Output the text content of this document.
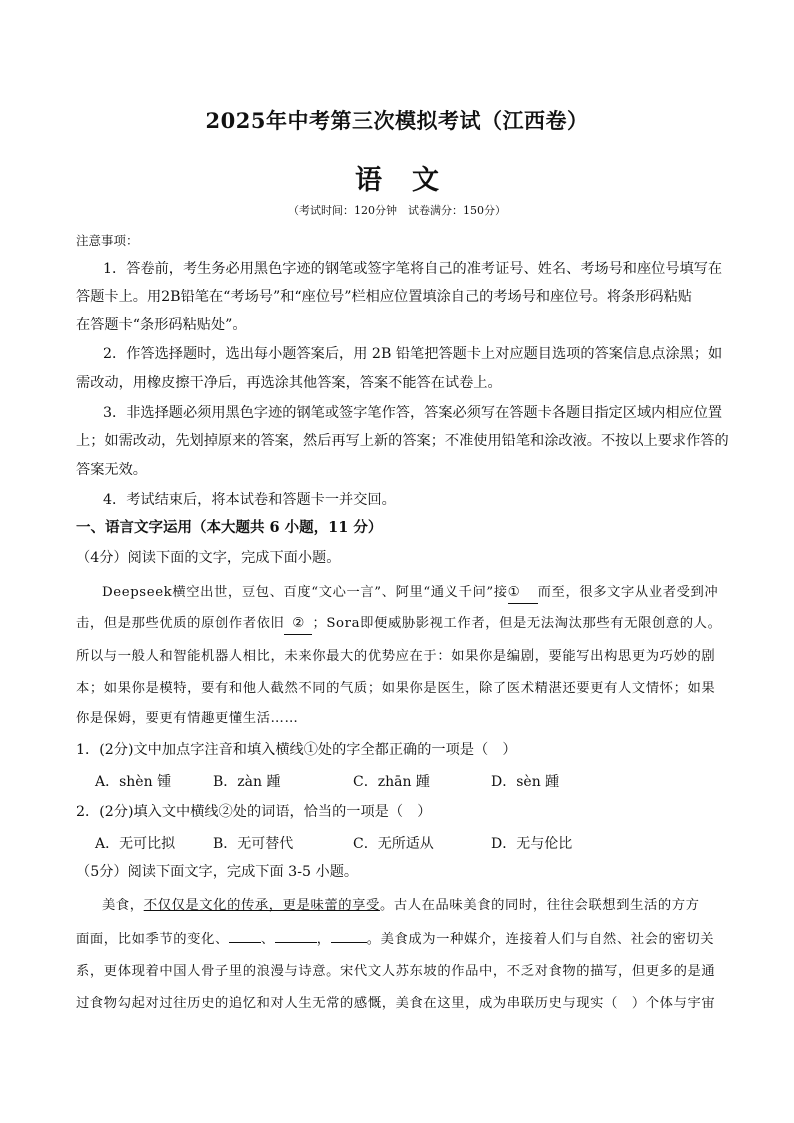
2025年中考第三次模拟考试（江西卷）
语文
（考试时间：120分钟　试卷满分：150分）
注意事项：
1．答卷前，考生务必用黑色字迹的钢笔或签字笔将自己的准考证号、姓名、考场号和座位号填写在
答题卡上。用2B铅笔在“考场号”和“座位号”栏相应位置填涂自己的考场号和座位号。将条形码粘贴
在答题卡“条形码粘贴处”。
2．作答选择题时，选出每小题答案后，用 2B 铅笔把答题卡上对应题目选项的答案信息点涂黑；如
需改动，用橡皮擦干净后，再选涂其他答案，答案不能答在试卷上。
3．非选择题必须用黑色字迹的钢笔或签字笔作答，答案必须写在答题卡各题目指定区域内相应位置
上；如需改动，先划掉原来的答案，然后再写上新的答案；不准使用铅笔和涂改液。不按以上要求作答的
答案无效。
4．考试结束后，将本试卷和答题卡一并交回。
一、语言文字运用（本大题共 6 小题，11 分）
（4分）阅读下面的文字，完成下面小题。
Deepseek横空出世，豆包、百度“文心一言”、阿里“通义千问”接① 而至，很多文字从业者受到冲
击，但是那些优质的原创作者依旧 ② ；Sora即便威胁影视工作者，但是无法淘汰那些有无限创意的人。
所以与一般人和智能机器人相比，未来你最大的优势应在于：如果你是编剧，要能写出构思更为巧妙的剧
本；如果你是模特，要有和他人截然不同的气质；如果你是医生，除了医术精湛还要更有人文情怀；如果
你是保姆，要更有情趣更懂生活……
1．(2分)文中加点字注音和填入横线①处的字全都正确的一项是（　）
A．shèn 锺	B．zàn 踵	C．zhān 踵	D．sèn 踵
2．(2分)填入文中横线②处的词语，恰当的一项是（　）
A．无可比拟	B．无可替代	C．无所适从	D．无与伦比
（5分）阅读下面文字，完成下面 3-5 小题。
美食，不仅仅是文化的传承，更是味蕾的享受。古人在品味美食的同时，往往会联想到生活的方方
面面，比如季节的变化、 、	，	。美食成为一种媒介，连接着人们与自然、社会的密切关
系，更体现着中国人骨子里的浪漫与诗意。宋代文人苏东坡的作品中，不乏对食物的描写，但更多的是通
过食物勾起对过往历史的追忆和对人生无常的感慨，美食在这里，成为串联历史与现实（　）个体与宇宙
